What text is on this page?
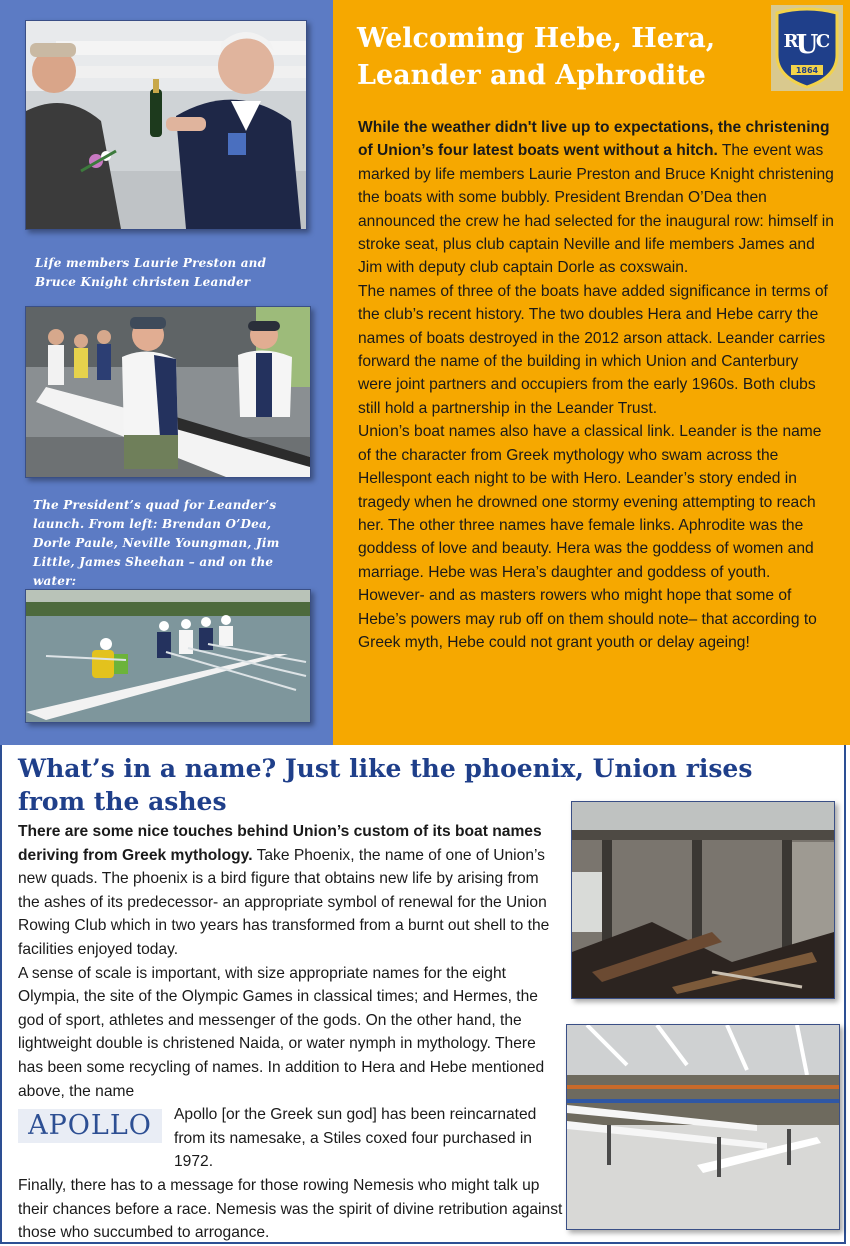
Life members Laurie Preston and Bruce Knight christen Leander
The President’s quad for Leander’s launch. From left: Brendan O’Dea, Dorle Paule, Neville Youngman, Jim Little, James Sheehan – and on the water:
Welcoming Hebe, Hera, Leander and Aphrodite
R
U
C
1864

While the weather didn't live up to expectations, the christening of Union’s four latest boats went without a hitch. The event was marked by life members Laurie Preston and Bruce Knight christening the boats with some bubbly. President Brendan O’Dea then announced the crew he had selected for the inaugural row: himself in stroke seat, plus club captain Neville and life members James and Jim with deputy club captain Dorle as coxswain.

The names of three of the boats have added significance in terms of the club’s recent history. The two doubles Hera and Hebe carry the names of boats destroyed in the 2012 arson attack. Leander carries forward the name of the building in which Union and Canterbury were joint partners and occupiers from the early 1960s. Both clubs still hold a partnership in the Leander Trust.

Union’s boat names also have a classical link. Leander is the name of the character from Greek mythology who swam across the Hellespont each night to be with Hero. Leander’s story ended in tragedy when he drowned one stormy evening attempting to reach her. The other three names have female links. Aphrodite was the goddess of love and beauty. Hera was the goddess of women and marriage. Hebe was Hera’s daughter and goddess of youth. However- and as masters rowers who might hope that some of Hebe’s powers may rub off on them should note– that according to Greek myth, Hebe could not grant youth or delay ageing!

What’s in a name? Just like the phoenix, Union rises from the ashes

There are some nice touches behind Union’s custom of its boat names deriving from Greek mythology. Take Phoenix, the name of one of Union’s new quads. The phoenix is a bird figure that obtains new life by arising from the ashes of its predecessor- an appropriate symbol of renewal for the Union Rowing Club which in two years has transformed from a burnt out shell to the facilities enjoyed today.

A sense of scale is important, with size appropriate names for the eight Olympia, the site of the Olympic Games in classical times; and Hermes, the god of sport, athletes and messenger of the gods. On the other hand, the lightweight double is christened Naida, or water nymph in mythology. There has been some recycling of names. In addition to Hera and Hebe mentioned above, the name

APOLLO Apollo [or the Greek sun god] has been reincarnated from its namesake, a Stiles coxed four purchased in 1972.

Finally, there has to a message for those rowing Nemesis who might talk up their chances before a race. Nemesis was the spirit of divine retribution against those who succumbed to arrogance.
